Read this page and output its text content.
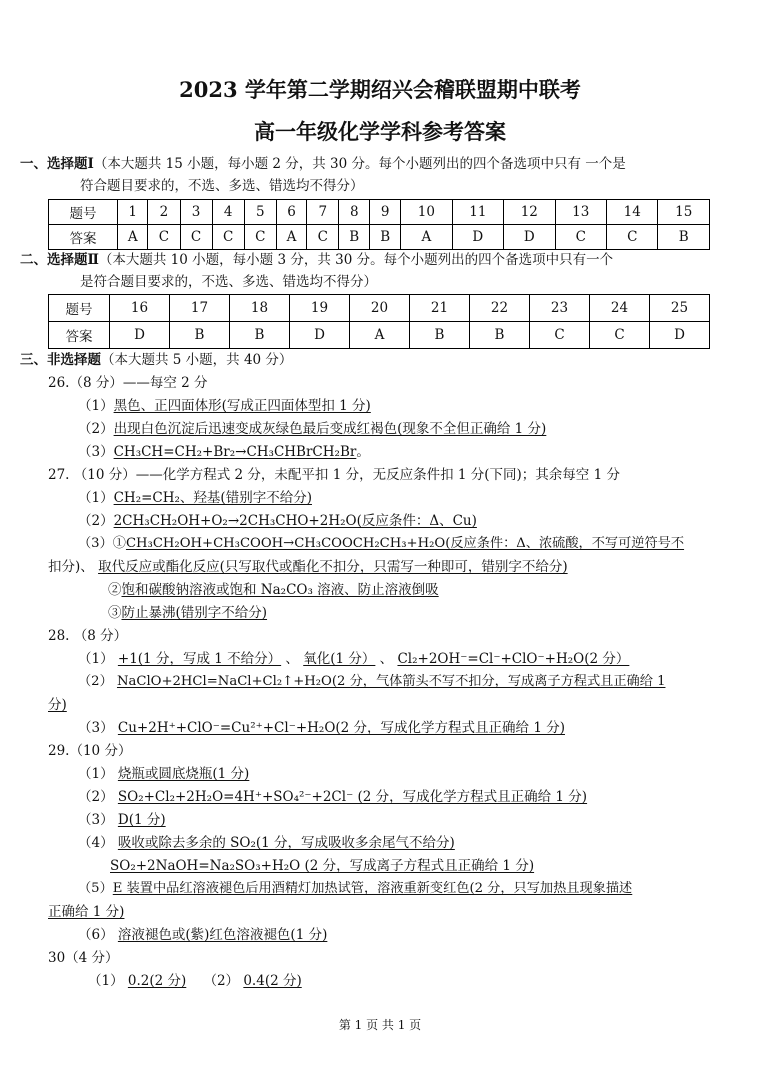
2023 学年第二学期绍兴会稽联盟期中联考
高一年级化学学科参考答案
一、选择题Ⅰ（本大题共 15 小题，每小题 2 分，共 30 分。每个小题列出的四个备选项中只有 一个是
符合题目要求的，不选、多选、错选均不得分）
题号	1	2	3	4	5	6	7	8	9	10	11	12	13	14	15
答案	A	C	C	C	C	A	C	B	B	A	D	D	C	C	B
二、选择题Ⅱ（本大题共 10 小题，每小题 3 分，共 30 分。每个小题列出的四个备选项中只有一个
是符合题目要求的，不选、多选、错选均不得分）
题号	16	17	18	19	20	21	22	23	24	25
答案	D	B	B	D	A	B	B	C	C	D
三、非选择题（本大题共 5 小题，共 40 分）
26.（8 分）——每空 2 分
（1）黑色、正四面体形(写成正四面体型扣 1 分)
（2）出现白色沉淀后迅速变成灰绿色最后变成红褐色(现象不全但正确给 1 分)
（3）CH₃CH=CH₂+Br₂→CH₃CHBrCH₂Br。
27. （10 分）——化学方程式 2 分，未配平扣 1 分，无反应条件扣 1 分(下同)；其余每空 1 分
（1）CH₂=CH₂、羟基(错别字不给分)
（2）2CH₃CH₂OH+O₂→2CH₃CHO+2H₂O(反应条件：Δ、Cu)
（3）①CH₃CH₂OH+CH₃COOH→CH₃COOCH₂CH₃+H₂O(反应条件：Δ、浓硫酸，不写可逆符号不
扣分)、 取代反应或酯化反应(只写取代或酯化不扣分，只需写一种即可，错别字不给分)
②饱和碳酸钠溶液或饱和 Na₂CO₃ 溶液、防止溶液倒吸
③防止暴沸(错别字不给分)
28. （8 分）
（1） +1(1 分，写成 1 不给分） 、 氧化(1 分） 、 Cl₂+2OH⁻=Cl⁻+ClO⁻+H₂O(2 分）
（2） NaClO+2HCl=NaCl+Cl₂↑+H₂O(2 分，气体箭头不写不扣分，写成离子方程式且正确给 1
分)
（3） Cu+2H⁺+ClO⁻=Cu²⁺+Cl⁻+H₂O(2 分，写成化学方程式且正确给 1 分)
29.（10 分）
（1） 烧瓶或圆底烧瓶(1 分)
（2） SO₂+Cl₂+2H₂O=4H⁺+SO₄²⁻+2Cl⁻ (2 分，写成化学方程式且正确给 1 分)
（3） D(1 分)
（4） 吸收或除去多余的 SO₂(1 分，写成吸收多余尾气不给分)
SO₂+2NaOH=Na₂SO₃+H₂O (2 分，写成离子方程式且正确给 1 分)
（5）E 装置中品红溶液褪色后用酒精灯加热试管，溶液重新变红色(2 分，只写加热且现象描述
正确给 1 分)
（6） 溶液褪色或(紫)红色溶液褪色(1 分)
30（4 分）
（1） 0.2(2 分) （2） 0.4(2 分)
第 1 页 共 1 页
